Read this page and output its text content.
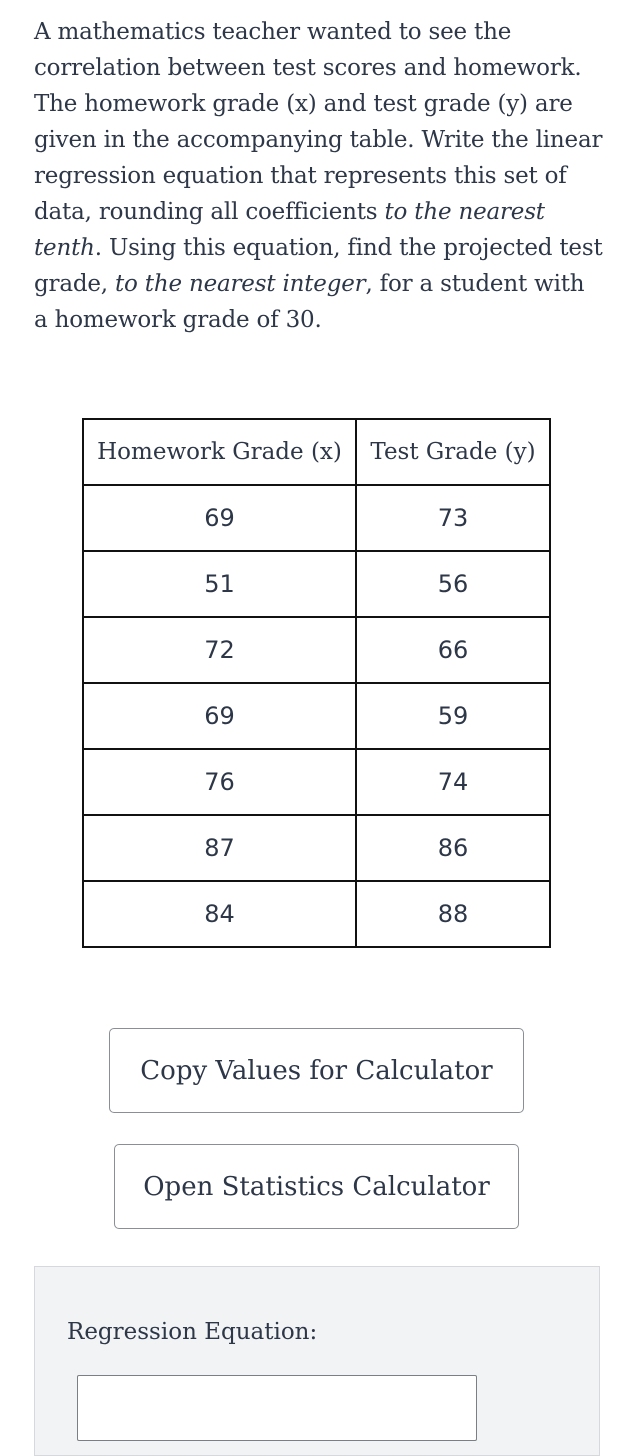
A mathematics teacher wanted to see the correlation between test scores and homework. The homework grade (x) and test grade (y) are given in the accompanying table. Write the linear regression equation that represents this set of data, rounding all coefficients to the nearest tenth. Using this equation, find the projected test grade, to the nearest integer, for a student with a homework grade of 30.
Homework Grade (x)	Test Grade (y)
69	73
51	56
72	66
69	59
76	74
87	86
84	88
Copy Values for Calculator
Open Statistics Calculator
Regression Equation:
